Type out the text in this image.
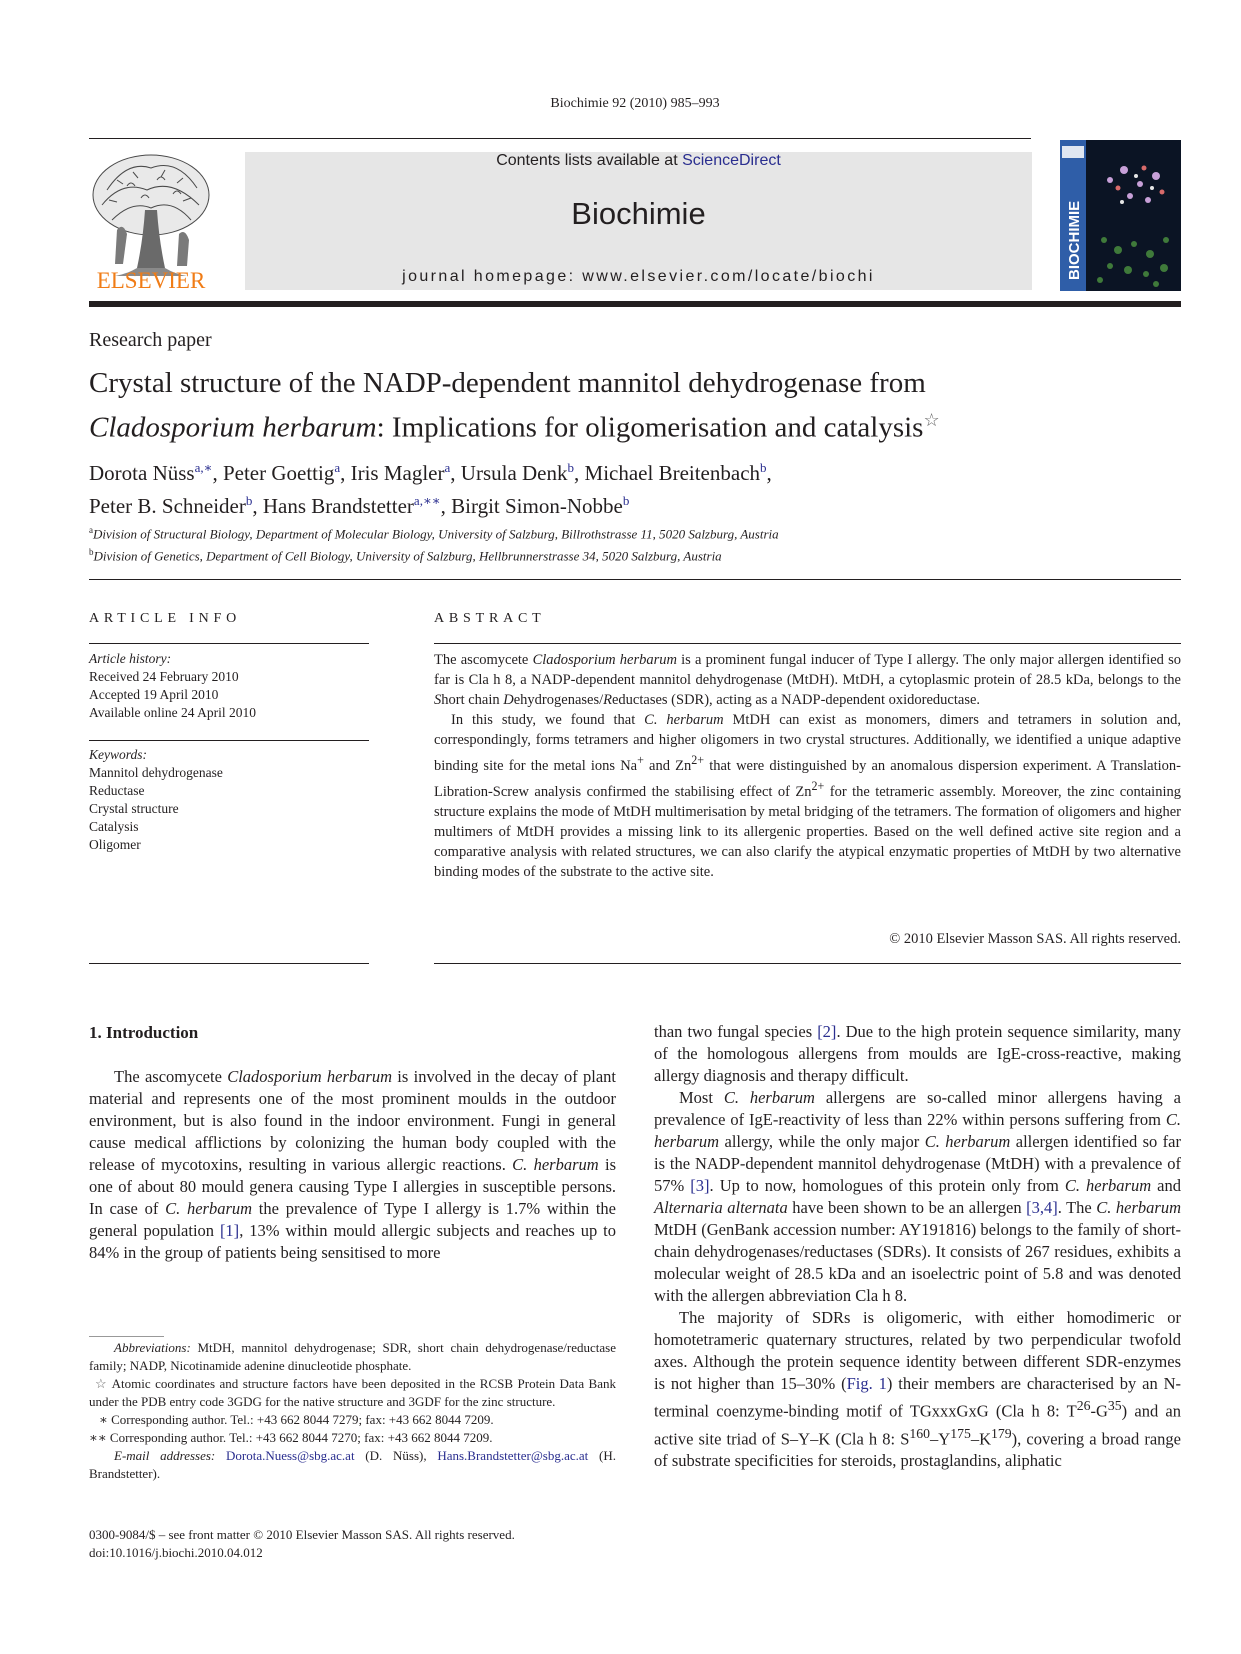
Biochimie 92 (2010) 985–993
ELSEVIER
Contents lists available at ScienceDirect
Biochimie
journal homepage: www.elsevier.com/locate/biochi	BIOCHIMIE
Research paper
Crystal structure of the NADP-dependent mannitol dehydrogenase from
Cladosporium herbarum: Implications for oligomerisation and catalysis☆
Dorota Nüss$^{a,∗}$, Peter Goettig$^a$, Iris Magler$^a$, Ursula Denk$^b$, Michael Breitenbach$^b$,
Peter B. Schneider$^b$, Hans Brandstetter$^{a,∗∗}$, Birgit Simon-Nobbe$^b$
$^a$Division of Structural Biology, Department of Molecular Biology, University of Salzburg, Billrothstrasse 11, 5020 Salzburg, Austria
$^b$Division of Genetics, Department of Cell Biology, University of Salzburg, Hellbrunnerstrasse 34, 5020 Salzburg, Austria
ARTICLE INFO	ABSTRACT
Article history:
Received 24 February 2010
Accepted 19 April 2010
Available online 24 April 2010
Keywords:
Mannitol dehydrogenase
Reductase
Crystal structure
Catalysis
Oligomer

The ascomycete Cladosporium herbarum is a prominent fungal inducer of Type I allergy. The only major allergen identified so far is Cla h 8, a NADP-dependent mannitol dehydrogenase (MtDH). MtDH, a cytoplasmic protein of 28.5 kDa, belongs to the Short chain Dehydrogenases/Reductases (SDR), acting as a NADP-dependent oxidoreductase.

In this study, we found that C. herbarum MtDH can exist as monomers, dimers and tetramers in solution and, correspondingly, forms tetramers and higher oligomers in two crystal structures. Additionally, we identified a unique adaptive binding site for the metal ions Na+ and $Zn^{2+}$ that were distinguished by an anomalous dispersion experiment. A Translation-Libration-Screw analysis confirmed the stabilising effect of $Zn^{2+}$ for the tetrameric assembly. Moreover, the zinc containing structure explains the mode of MtDH multimerisation by metal bridging of the tetramers. The formation of oligomers and higher multimers of MtDH provides a missing link to its allergenic properties. Based on the well defined active site region and a comparative analysis with related structures, we can also clarify the atypical enzymatic properties of MtDH by two alternative binding modes of the substrate to the active site.

© 2010 Elsevier Masson SAS. All rights reserved.
1. Introduction

The ascomycete Cladosporium herbarum is involved in the decay of plant material and represents one of the most prominent moulds in the outdoor environment, but is also found in the indoor environment. Fungi in general cause medical afflictions by colonizing the human body coupled with the release of mycotoxins, resulting in various allergic reactions. C. herbarum is one of about 80 mould genera causing Type I allergies in susceptible persons. In case of C. herbarum the prevalence of Type I allergy is 1.7% within the general population [1], 13% within mould allergic subjects and reaches up to 84% in the group of patients being sensitised to more

than two fungal species [2]. Due to the high protein sequence similarity, many of the homologous allergens from moulds are IgE-cross-reactive, making allergy diagnosis and therapy difficult.

Most C. herbarum allergens are so-called minor allergens having a prevalence of IgE-reactivity of less than 22% within persons suffering from C. herbarum allergy, while the only major C. herbarum allergen identified so far is the NADP-dependent mannitol dehydrogenase (MtDH) with a prevalence of 57% [3]. Up to now, homologues of this protein only from C. herbarum and Alternaria alternata have been shown to be an allergen [3,4]. The C. herbarum MtDH (GenBank accession number: AY191816) belongs to the family of short-chain dehydrogenases/reductases (SDRs). It consists of 267 residues, exhibits a molecular weight of 28.5 kDa and an isoelectric point of 5.8 and was denoted with the allergen abbreviation Cla h 8.

The majority of SDRs is oligomeric, with either homodimeric or homotetrameric quaternary structures, related by two perpendicular twofold axes. Although the protein sequence identity between different SDR-enzymes is not higher than 15–30% (Fig. 1) their members are characterised by an N-terminal coenzyme-binding motif of TGxxxGxG (Cla h 8: $T^{26}-G^{35}$) and an active site triad of S–Y–K (Cla h 8: $S^{160}-Y^{175}-K^{179}$), covering a broad range of substrate specificities for steroids, prostaglandins, aliphatic

Abbreviations: MtDH, mannitol dehydrogenase; SDR, short chain dehydrogenase/reductase family; NADP, Nicotinamide adenine dinucleotide phosphate.

☆ Atomic coordinates and structure factors have been deposited in the RCSB Protein Data Bank under the PDB entry code 3GDG for the native structure and 3GDF for the zinc structure.

∗ Corresponding author. Tel.: +43 662 8044 7279; fax: +43 662 8044 7209.

∗∗ Corresponding author. Tel.: +43 662 8044 7270; fax: +43 662 8044 7209.

E-mail addresses: Dorota.Nuess@sbg.ac.at (D. Nüss), Hans.Brandstetter@sbg.ac.at (H. Brandstetter).

0300-9084/$ – see front matter © 2010 Elsevier Masson SAS. All rights reserved.
doi:10.1016/j.biochi.2010.04.012
